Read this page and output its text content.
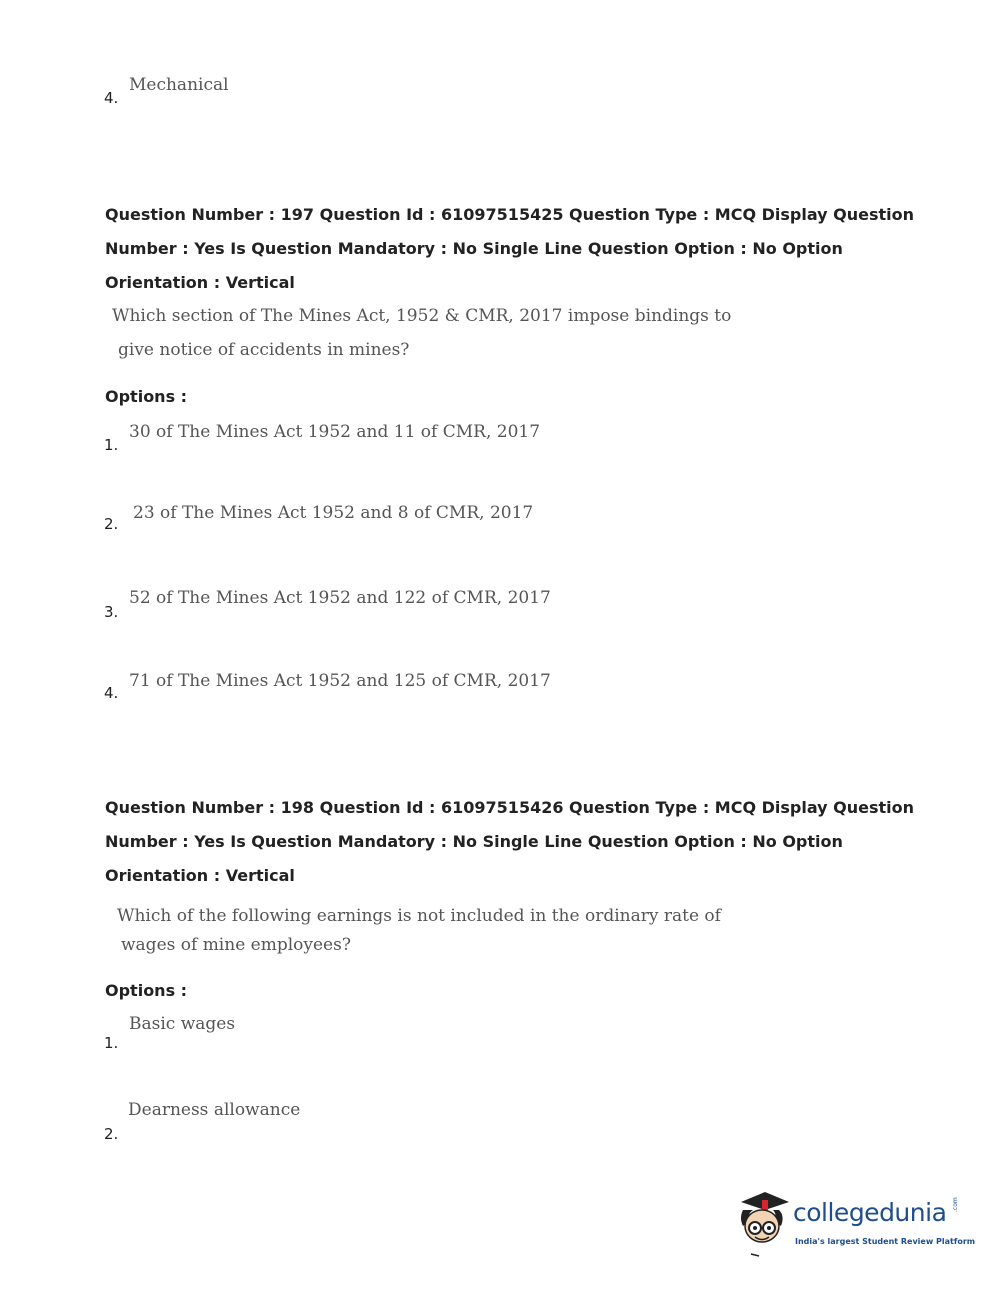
Mechanical
4.
Question Number : 197 Question Id : 61097515425 Question Type : MCQ Display Question
Number : Yes Is Question Mandatory : No Single Line Question Option : No Option
Orientation : Vertical
Which section of The Mines Act, 1952 & CMR, 2017 impose bindings to
give notice of accidents in mines?
Options :
30 of The Mines Act 1952 and 11 of CMR, 2017
1.
23 of The Mines Act 1952 and 8 of CMR, 2017
2.
52 of The Mines Act 1952 and 122 of CMR, 2017
3.
71 of The Mines Act 1952 and 125 of CMR, 2017
4.
Question Number : 198 Question Id : 61097515426 Question Type : MCQ Display Question
Number : Yes Is Question Mandatory : No Single Line Question Option : No Option
Orientation : Vertical
Which of the following earnings is not included in the ordinary rate of
wages of mine employees?
Options :
Basic wages
1.
Dearness allowance
2.
collegedunia .com
India's largest Student Review Platform
